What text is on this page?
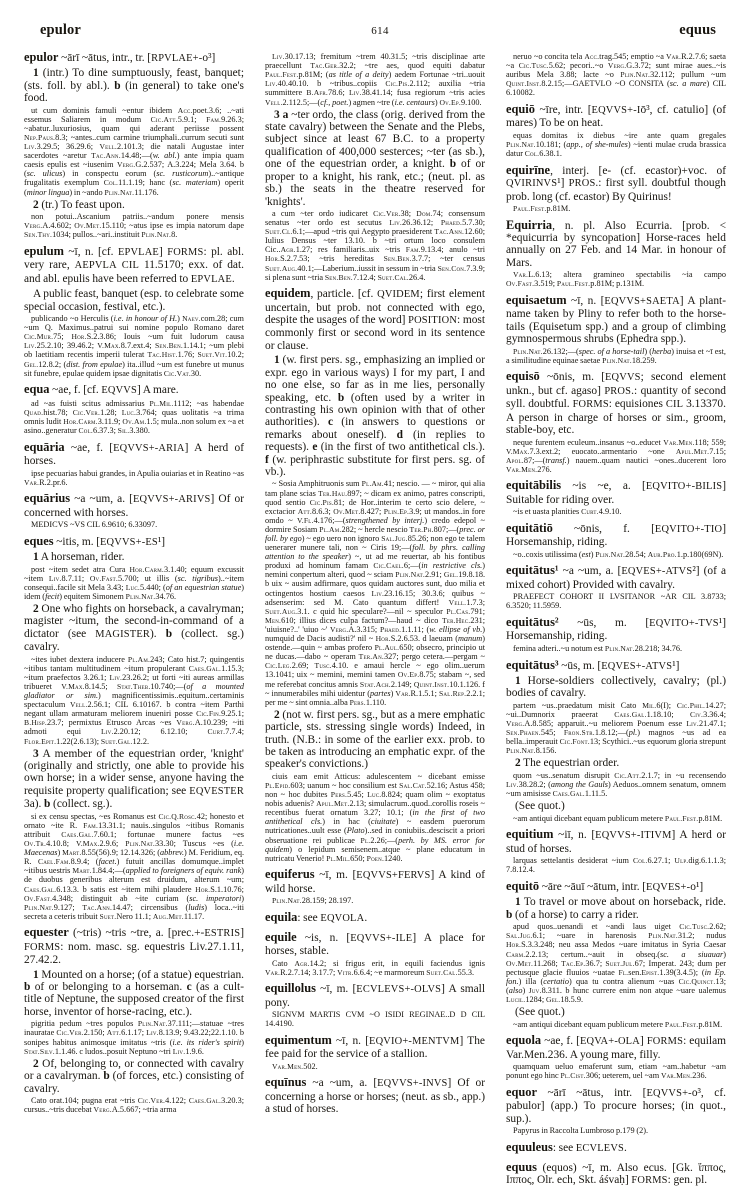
epulor	614	equus

epulor ~ārī ~ātus, intr., tr. [RPVLAE+-o³]

1 (intr.) To dine sumptuously, feast, banquet; (sts. foll. by abl.). b (in general) to take one's food.

ut cum dominis famuli ~entur ibidem Acc.poet.3.6; ..~ati essemus Saliarem in modum Cic.Att.5.9.1; Fam.9.26.3; ~abatur..luxuriosius, quam qui aderant periisse possent Nep.Paus.8.3; ~antes..cum carmine triumphali..currum secuti sunt Liv.3.29.5; 36.29.6; Vell.2.101.3; die natali Augustae inter sacerdotes ~aretur Tac.Ann.14.48;—(w. abl.) ante impia quam caesis epulis est ~iusenim Verg.G.2.537; A.3.224; Mela 3.64. b (sc. ulicus) in conspectu eorum (sc. rusticorum)..~antique frugalitatis exemplum Col.11.1.19; hanc (sc. materiam) operit (minor lingua) in ~ando Plin.Nat.11.176.

2 (tr.) To feast upon.

non potui..Ascanium patriis..~andum ponere mensis Verg.A.4.602; Ov.Met.15.110; ~atus ipse es impia natorum dape Sen.Thy.1034; pullos..~ari..instituit Plin.Nat.8.

epulum ~ī, n. [cf. EPVLAE] FORMS: pl. abl. very rare, AEPVLA CIL 11.5170; exx. of dat. and abl. epulis have been referred to EPVLAE.

A public feast, banquet (esp. to celebrate some special occasion, festival, etc.).

publicando ~o Herculis (i.e. in honour of H.) Naev.com.28; cum ~um Q. Maximus..patrui sui nomine populo Romano daret Cic.Mur.75; Hor.S.2.3.86; Iouis ~um fuit ludorum causa Liv.25.2.10; 39.46.2; V.Max.8.7.ext.4; Sen.Ben.1.14.1; ~um plebi ob laetitiam recentis imperii tulerat Tac.Hist.1.76; Suet.Vit.10.2; Gel.12.8.2; (dist. from epulae) ita..illud ~um est funebre ut munus sit funebre, epulae quidem ipsae dignitatis Cic.Vat.30.

equa ~ae, f. [cf. EQVVS] A mare.

ad ~as fuisti scitus admissarius Pl.Mil.1112; ~as habendae Quad.hist.78; Cic.Ver.1.28; Luc.3.764; quas uolitatis ~a trima omnis ludit Hor.Carm.3.11.9; Ov.Am.1.5; mula..non solum ex ~a et asino..generatur Col.6.37.3; Sil.3.380.

equāria ~ae, f. [EQVVS+-ARIA] A herd of horses.

ipse pecuarias habui grandes, in Apulia ouiarias et in Reatino ~as Var.R.2.pr.6.

equārius ~a ~um, a. [EQVVS+-ARIVS] Of or concerned with horses.

MEDICVS ~VS CIL 6.9610; 6.33097.

eques ~itis, m. [EQVVS+-ES¹]

1 A horseman, rider.

post ~item sedet atra Cura Hor.Carm.3.1.40; equum excussit ~item Liv.8.7.11; Ov.Fast.5.700; ut illis (sc. tigribus)..~item consequi..facile sit Mela 3.43; Luc.5.440; (of an equestrian statue) idem (fecit) equitem Simonem Plin.Nat.34.76.

2 One who fights on horseback, a cavalryman; magister ~itum, the second-in-command of a dictator (see MAGISTER). b (collect. sg.) cavalry.

~ites iubet dextera inducere Pl.Am.243; Cato hist.7; quingentis ~itibus tantam multitudinem ~itum propulerant Caes.Gal.1.15.3; ~itum praefectos 3.26.1; Liv.23.26.2; ut forti ~iti aureas armillas tribueret V.Max.8.14.5; Stat.Theb.10.740;—(of a mounted gladiator or sim.) magnificentissimis..equitum..certaminis spectaculum Vell.2.56.1; CIL 6.10167. b contra ~item Parthi negant ullam armaturam meliorem inueniri posse Cic.Fin.9.25.1; B.Hisp.23.7; permixtus Etrusco Arcas ~es Verg.A.10.239; ~iti admoti equi Liv.2.20.12; 6.12.10; Curt.7.7.4; Flor.Epit.1.22(2.6.13); Suet.Gal.12.2.

3 A member of the equestrian order, 'knight' (originally and strictly, one able to provide his own horse; in a wider sense, anyone having the requisite property qualification; see EQVESTER 3a). b (collect. sg.).

si ex censu spectas, ~es Romanus est Cic.Q.Rosc.42; honesto et ornato ~ite R. Fam.13.31.1; nauis..singulos ~itibus Romanis attribuit Caes.Gal.7.60.1; fortunae munere factus ~es Ov.Tr.4.10.8; V.Max.2.9.6; Plin.Nat.33.30; Tuscus ~es (i.e. Maecenas) Mart.8.55(56).9; 12.14.326; (abbrev.) M. Feridium, eq. R. Cael.Fam.8.9.4; (facet.) futuit ancillas domumque..implet ~itibus uestris Mart.1.84.4;—(applied to foreigners of equiv. rank) de duobus generibus alterum est druidum, alterum ~um; Caes.Gal.6.13.3. b satis est ~item mihi plaudere Hor.S.1.10.76; Ov.Fast.4.348; distinguit ab ~ite curiam (sc. imperatori) Plin.Nat.9.127; Tac.Ann.14.47; circensibus (ludis) loca..~iti secreta a ceteris tribuit Suet.Nero 11.1; Aug.Met.11.17.

equester (~tris) ~tris ~tre, a. [prec.+-ESTRIS] FORMS: nom. masc. sg. equestris Liv.27.1.11, 27.42.2.

1 Mounted on a horse; (of a statue) equestrian. b of or belonging to a horseman. c (as a cult-title of Neptune, the supposed creator of the first horse, inventor of horse-racing, etc.).

pigritia pedum ~tres populos Plin.Nat.37.111;—statuae ~tres inauratae Cic.Ver.2.150; Att.6.1.17; Liv.8.13.9; 9.43.22;22.1.10. b sonipes habitus animosque imitatus ~tris (i.e. its rider's spirit) Stat.Silv.1.1.46. c ludos..posuit Neptuno ~tri Liv.1.9.6.

2 Of, belonging to, or connected with cavalry or a cavalryman. b (of forces, etc.) consisting of cavalry.

Cato orat.104; pugna erat ~tris Cic.Ver.4.122; Caes.Gal.3.20.3; cursus..~tris ducebat Verg.A.5.667; ~tria arma

Liv.30.17.13; fremitum ~trem 40.31.5; ~tris disciplinae arte praecellunt Tac.Ger.32.2; ~tre aes, quod equiti dabatur Paul.Fest.p.81M; (as title of a deity) aedem Fortunae ~tri..uouit Liv.40.40.10. b ~tribus..copiis Cic.Pis.2.112; auxilia ~tria summittere B.Afr.78.6; Liv.38.41.14; fusa regiorum ~tris acies Vell.2.112.5;—(cf., poet.) agmen ~tre (i.e. centaurs) Ov.Ep.9.100.

3 a ~ter ordo, the class (orig. derived from the state cavalry) between the Senate and the Plebs, subject since at least 67 B.C. to a property qualification of 400,000 sesterces; ~ter (as sb.), one of the equestrian order, a knight. b of or proper to a knight, his rank, etc.; (neut. pl. as sb.) the seats in the theatre reserved for 'knights'.

a cum ~ter ordo iudicaret Cic.Ver.38; Dom.74; consensum senatus ~ter ordo est secutus Liv.26.36.12; Phaed.5.7.30; Suet.Cl.6.1;—apud ~tris qui Aegypto praesiderent Tac.Ann.12.60; Iulius Densus ~ter 13.10. b ~tri ortum loco consulem Cic..Agr.1.27; res familiaris..uix ~tris Fam.9.13.4; anulo ~tri Hor.S.2.7.53; ~tris hereditas Sen.Ben.3.7.7; ~ter census Suet.Aug.40.1;—Laberium..iussit in sessum in ~tria Sen.Con.7.3.9; si plena sunt ~tria Sen.Ben.7.12.4; Suet.Cal.26.4.

equidem, particle. [cf. QVIDEM; first element uncertain, but prob. not connected with ego, despite the usages of the word] POSITION: most commonly first or second word in its sentence or clause.

1 (w. first pers. sg., emphasizing an implied or expr. ego in various ways) I for my part, I and no one else, so far as in me lies, personally speaking, etc. b (often used by a writer in contrasting his own opinion with that of other authorities). c (in answers to questions or remarks about oneself). d (in replies to requests). e (in the first of two antithetical cls.). f (w. periphrastic substitute for first pers. sg. of vb.).

~ Sosia Amphitruonis sum Pl.Am.41; nescio. — ~ miror, qui alia tam plane scias Ter.Hau.897; ~ dicam ex animo, patres conscripti, quod sentio Cic.Pis.81; de Hor..interim te certo scio delere, ~ exctacior Att.8.6.3; Ov.Met.8.427; Plin.Ep.3.9; ut mandos..in fore omdo ~ V.Fl.4.176;—(strengthened by interj.) credo edepol ~ dormire Sosiam Pl.Am.282; ~ hercle nescio Ter.Ph.807;—(prec. or foll. by ego) ~ ego uero non ignoro Sal.Jug.85.26; non ego te talem uenerarer munere tali, non ~ Ciris 19;—(foll. by phrs. calling attention to the speaker) ~, ut ad me reuertar, ab his fontibus produxi ad hominum famam Cic.Cael.6;—(in restrictive cls.) nemini conpertum alteri, quod ~ sciam Plin.Nat.2.91; Gel.19.8.18. b uix ~ ausim adfirmare, quos quidam auctores sunt, duo milia et octingentos hostium caesos Liv.23.16.15; 30.3.6; quibus ~ adsenserim: sed M. Cato quantum differt! Vell.1.7.3; Suet.Aug.3.1. c quid hic speculare?—nil ~ speculor Pl.Cas.791; Men.610; illius dices culpa factum?—haud ~ dico Ter.Hec.231; 'uiuisne?..' 'uiuo ~' Verg.A.3.315; Phaed.1.1.11; (w. ellipse of vb.) numquid de Dacis audisti?' nil ~ Hor.S.2.6.53. d laeuam (manum) ostende.—quin ~ ambas profero Pl.Aul.650; obsecro, principio ut ne ducas.—dabo ~ operam Ter.An.327; pergo cetera.—pergam ~ Cic.Leg.2.69; Tusc.4.10. e amaui hercle ~ ego olim..uerum 13.1041; uix ~ memini, memini tamen Ov.Ep.8.75; stabam ~, sed me referebat concitus amnis Stat.Ach.2.149; Quint.Inst.10.1.126. f ~ innumerabiles mihi uidentur (partes) Var.R.1.5.1; Sal.Rep.2.2.1; per me ~ sint omnia..alba Pers.1.110.

2 (not w. first pers. sg., but as a mere emphatic particle, sts. stressing single words) Indeed, in truth. (N.B.: in some of the earlier exx. prob. to be taken as introducing an emphatic expr. of the speaker's convictions.)

ciuis eam emit Atticus: adulescentem ~ dicebant emisse Pl.Epid.603; uanum ~ hoc consilium est Sal.Cat.52.16; Astus 458; non ~ hoc dubites Pers.5.45; Luc.8.824; quam olim ~ exoptatus nobis aduenis? Apul.Met.2.13; simulacrum..quod..corollis roseis ~ recentibus fuerat ornatum 3.27; 10.1; (in the first of two antithetical cls.) in hac (ciuitate) ~ easdem puerorum nutricationes..uult esse (Plato)..sed in coniubiis..desciscit a priori obseruatione rei publicae Pl.2.26;—(perh. by MS. error for quidem) o lepidum semisenem..atque ~ plane educatum in nutricatu Venerio! Pl.Mil.650; Poen.1240.

equiferus ~ī, m. [EQVVS+FERVS] A kind of wild horse.

Plin.Nat.28.159; 28.197.

equila: see EQVOLA.

equile ~is, n. [EQVVS+-ILE] A place for horses, stable.

Cato Agr.14.2; si frigus erit, in equili faciendus ignis Var.R.2.7.14; 3.17.7; Vitr.6.6.4; ~e marmoreum Suet.Cal.55.3.

equillolus ~ī, m. [ECVLEVS+-OLVS] A small pony.

SIGNVM MARTIS CVM ~O ISIDI REGINAE..D D CIL 14.4190.

equimentum ~ī, n. [EQVIO+-MENTVM] The fee paid for the service of a stallion.

Var.Men.502.

equīnus ~a ~um, a. [EQVVS+-INVS] Of or concerning a horse or horses; (neut. as sb., app.) a stud of horses.

neruo ~o concita tela Acc.trag.545; emptio ~a Var.R.2.7.6; saeta ~a Cic.Tusc.5.62; pecori..~o Verg.G.3.72; sunt mirae aues..~is auribus Mela 3.88; lacte ~o Plin.Nat.32.112; pullum ~um Quint.Inst.8.2.15;—GAETVLO ~O CONSITA (sc. a mare) CIL 6.10082.

equiō ~īre, intr. [EQVVS+-Iō³, cf. catulio] (of mares) To be on heat.

equas domitas ix diebus ~ire ante quam gregales Plin.Nat.10.181; (app., of she-mules) ~ienti mulae cruda brassica datur Col.6.38.1.

equirīne, interj. [e- (cf. ecastor)+voc. of QVIRINVS¹] PROS.: first syll. doubtful though prob. long (cf. ecastor) By Quirinus!

Paul.Fest.p.81M.

Equirria, n. pl. Also Ecurria. [prob. < *equicurria by syncopation] Horse-races held annually on 27 Feb. and 14 Mar. in honour of Mars.

Var.L.6.13; altera gramineo spectabilis ~ia campo Ov.Fast.3.519; Paul.Fest.p.81M; p.131M.

equisaetum ~ī, n. [EQVVS+SAETA] A plant-name taken by Pliny to refer both to the horse-tails (Equisetum spp.) and a group of climbing gymnospermous shrubs (Ephedra spp.).

Plin.Nat.26.132;—(spec. of a horse-tail) (herba) inuisa et ~ī est, a similitudine equinae saetae Plin.Nat.18.259.

equisō ~ōnis, m. [EQVVS; second element unkn., but cf. agaso] PROS.: quantity of second syll. doubtful. FORMS: equisiones CIL 3.13370. A person in charge of horses or sim., groom, stable-boy, etc.

neque furentem eculeum..insanus ~o..educet Var.Men.118; 559; V.Max.7.3.ext.2; euocato..armentario ~one Apul.Met.7.15; Apol.87;—(transf.) nauem..quam nautici ~ones..ducerent loro Var.Men.276.

equitābilis ~is ~e, a. [EQVITO+-BILIS] Suitable for riding over.

~is et uasta planities Curt.4.9.10.

equitātiō ~ōnis, f. [EQVITO+-TIO] Horsemanship, riding.

~o..coxis utilissima (est) Plin.Nat.28.54; Aur.Pro.1.p.180(69N).

equitātus¹ ~a ~um, a. [EQVES+-ATVS²] (of a mixed cohort) Provided with cavalry.

PRAEFECT COHORT II LVSITANOR ~AR CIL 3.8733; 6.3520; 11.5959.

equitātus² ~ūs, m. [EQVITO+-TVS¹] Horsemanship, riding.

femina adteri..~u notum est Plin.Nat.28.218; 34.76.

equitātus³ ~ūs, m. [EQVES+-ATVS¹]

1 Horse-soldiers collectively, cavalry; (pl.) bodies of cavalry.

partem ~us..praedatum misit Cato Mil.6(I); Cic.Phil.14.27; ~ui..Dumnorix praeerat Caes.Gal.1.18.10; Civ.3.36.4; Verg.A.8.585; apparuit..~u meliorem Poenum esse Liv.21.47.1; Sen.Phaen.545; Fron.Str.1.8.12;—(pl.) magnos ~us ad ea bella..imperauit Cic.Font.13; Scythici..~us equorum gloria strepunt Plin.Nat.8.156.

2 The equestrian order.

quom ~us..senatum disrupit Cic.Att.2.1.7; in ~u recensendo Liv.38.28.2; (among the Gauls) Aeduos..omnem senatum, omnem ~um amisisse Caes.Gal.1.11.5.

(See quot.)

~am antiqui dicebant equam publicum metere Paul.Fest.p.81M.

equitium ~iī, n. [EQVVS+-ITIVM] A herd or stud of horses.

larquas settelantis desiderat ~ium Col.6.27.1; Ulp.dig.6.1.1.3; 7.8.12.4.

equitō ~āre ~āuī ~ātum, intr. [EQVES+-o¹]

1 To travel or move about on horseback, ride. b (of a horse) to carry a rider.

apud quos..uenandi et ~andi laus uiget Cic.Tusc.2.62; Sal.Jug.6.1; ~uare in harenosis Plin.Nat.31.2; nudus Hor.S.3.3.248; neu assa Medos ~uare imitatus in Syria Caesar Carm.2.2.13; certum..~auit in obseq.(sc. a siuauar) Ov.Met.11.268; Tac.Ep.36.7; Suet.Jul.67; Imperat. 243; dum per pectusque glacie fluuios ~uatae Fl.sen.Epist.1.39(3.4.5); (in Ep. fon.) illa (certatio) qua tu contra alienum ~uas Cic.Quinct.13; (also) Juv.8.311. b hunc currere enim non atque ~uare ualemus Lucil.1284; Gel.18.5.9.

(See quot.)

~am antiqui dicebant equam publicum metere Paul.Fest.p.81M.

equola ~ae, f. [EQVA+-OLA] FORMS: equilam Var.Men.236. A young mare, filly.

quamquam ueluo emaferunt sum, etiam ~am..habetur ~am ponunt ego hinc Pl.Cist.306; ueterem, uel ~am Var.Men.236.

equor ~ārī ~ātus, intr. [EQVVS+-o³, cf. pabulor] (app.) To procure horses; (in quot., sup.).

Papyrus in Raccolta Lumbroso p.179 (2).

equuleus: see ECVLEVS.

equus (equos) ~ī, m. Also ecus. [Gk. ἵππος, Ιππος, Olr. ech, Skt. áśvaḥ] FORMS: gen. pl.
